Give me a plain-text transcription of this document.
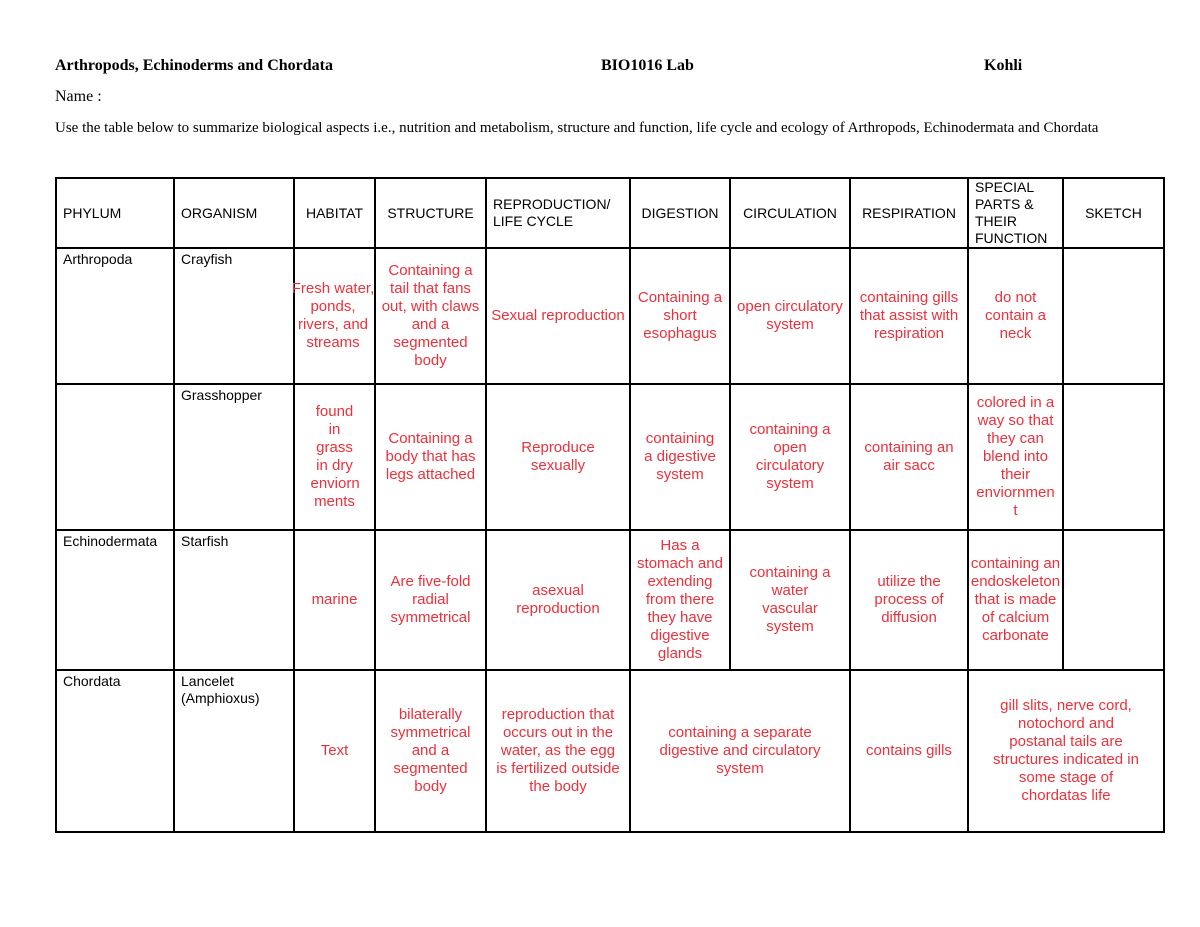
Arthropods, Echinoderms and Chordata	BIO1016 Lab	Kohli
Name :
Use the table below to summarize biological aspects i.e., nutrition and metabolism, structure and function, life cycle and ecology of Arthropods, Echinodermata and Chordata
PHYLUM	ORGANISM	HABITAT	STRUCTURE	REPRODUCTION/ LIFE CYCLE	DIGESTION	CIRCULATION	RESPIRATION	SPECIAL PARTS & THEIR FUNCTION	SKETCH
Arthropoda	Crayfish	Fresh water, ponds, rivers, and streams	Containing a tail that fans out, with claws and a segmented body	Sexual reproduction	Containing a short esophagus	open circulatory system	containing gills that assist with respiration	do not contain a neck	
	Grasshopper	found in grass in dry enviorn ments	Containing a body that has legs attached	Reproduce sexually	containing a digestive system	containing a open circulatory system	containing an air sacc	colored in a way so that they can blend into their enviornmen t	
Echinodermata	Starfish	marine	Are five-fold radial symmetrical	asexual reproduction	Has a stomach and extending from there they have digestive glands	containing a water vascular system	utilize the process of diffusion	containing an endoskeleton that is made of calcium carbonate	
Chordata	Lancelet (Amphioxus)	Text	bilaterally symmetrical and a segmented body	reproduction that occurs out in the water, as the egg is fertilized outside the body	containing a separate digestive and circulatory system		contains gills	gill slits, nerve cord, notochord and postanal tails are structures indicated in some stage of chordatas life	
